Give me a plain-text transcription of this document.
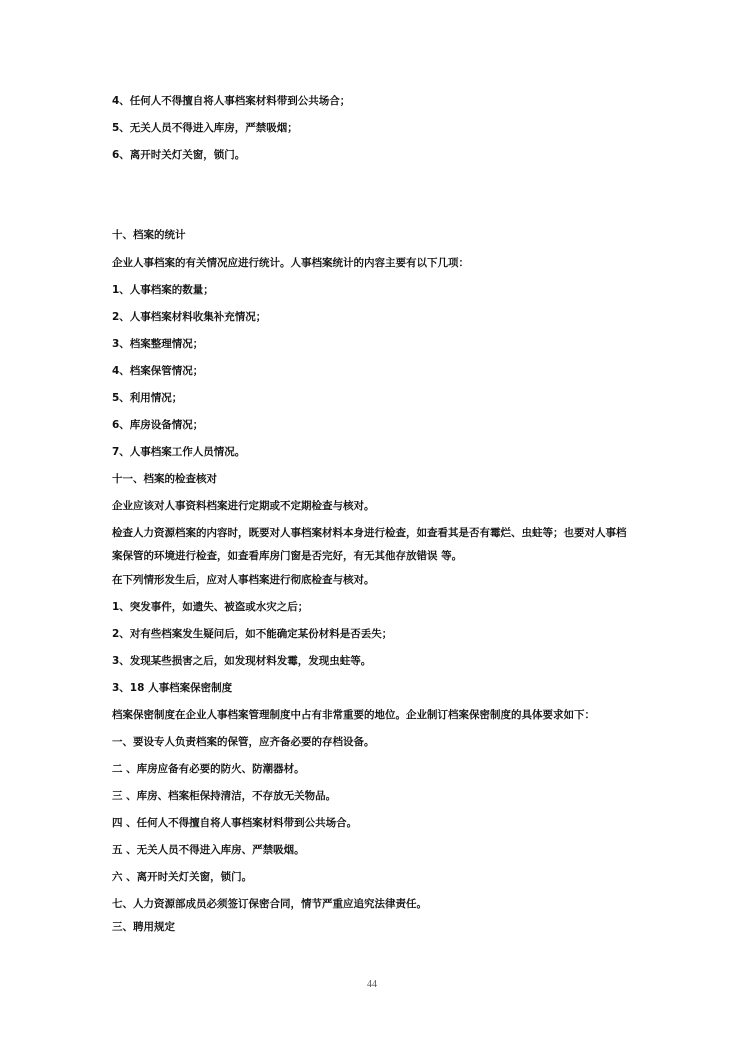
4、任何人不得擅自将人事档案材料带到公共场合；
5、无关人员不得进入库房，严禁吸烟；
6、离开时关灯关窗，锁门。
十、档案的统计
企业人事档案的有关情况应进行统计。人事档案统计的内容主要有以下几项：
1、人事档案的数量；
2、人事档案材料收集补充情况；
3、档案整理情况；
4、档案保管情况；
5、利用情况；
6、库房设备情况；
7、人事档案工作人员情况。
十一、档案的检查核对
企业应该对人事资料档案进行定期或不定期检查与核对。
检查人力资源档案的内容时，既要对人事档案材料本身进行检查，如查看其是否有霉烂、虫蛀等；也要对人事档案保管的环境进行检查，如查看库房门窗是否完好，有无其他存放错误 等。
在下列情形发生后，应对人事档案进行彻底检查与核对。
1、突发事件，如遗失、被盗或水灾之后；
2、对有些档案发生疑问后，如不能确定某份材料是否丢失；
3、发现某些损害之后，如发现材料发霉，发现虫蛀等。
3、18 人事档案保密制度
档案保密制度在企业人事档案管理制度中占有非常重要的地位。企业制订档案保密制度的具体要求如下：
一、要设专人负责档案的保管，应齐备必要的存档设备。
二 、库房应备有必要的防火、防潮器材。
三 、库房、档案柜保持清洁，不存放无关物品。
四 、任何人不得擅自将人事档案材料带到公共场合。
五 、无关人员不得进入库房、严禁吸烟。
六 、离开时关灯关窗，锁门。
七、人力资源部成员必须签订保密合同，情节严重应追究法律责任。
三、聘用规定
44
